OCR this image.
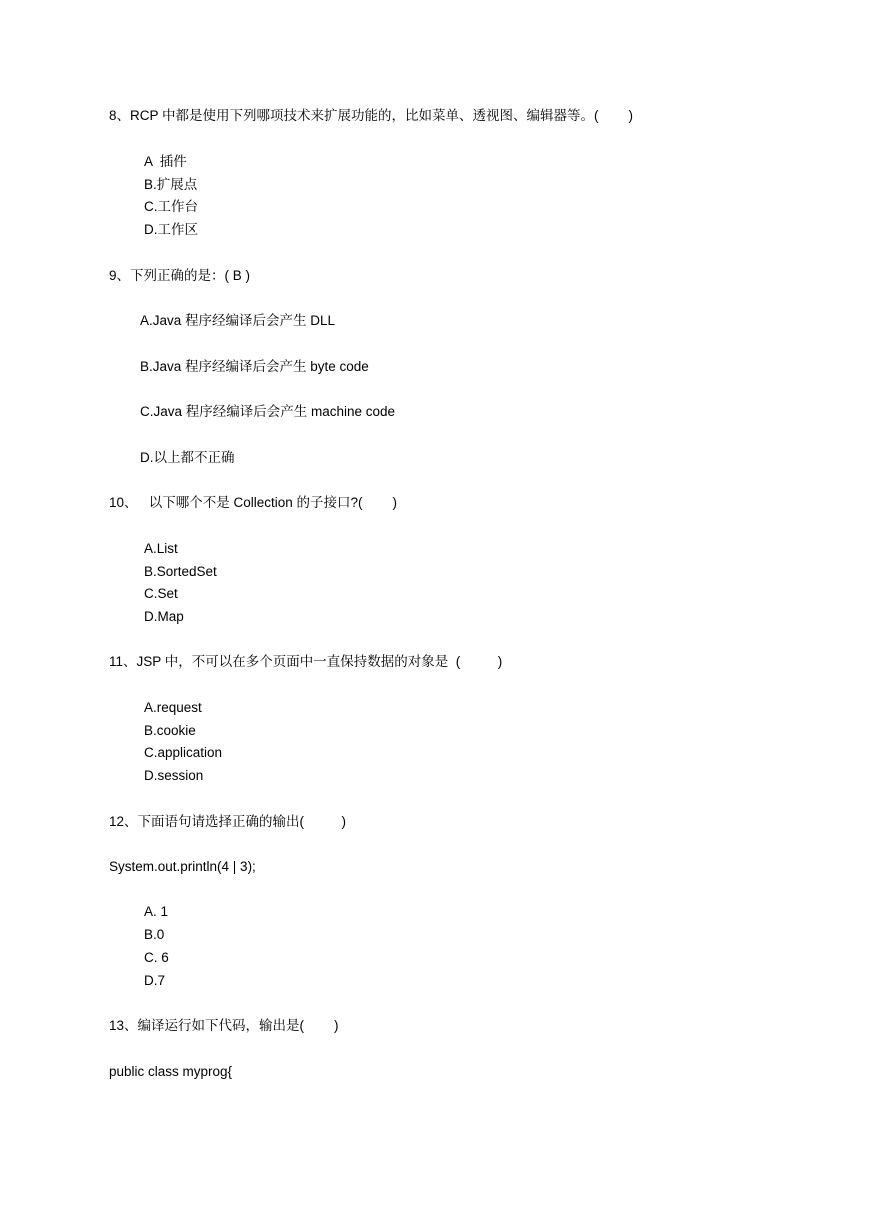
8、RCP 中都是使用下列哪项技术来扩展功能的，比如菜单、透视图、编辑器等。(        )
A  插件
B.扩展点
C.工作台
D.工作区
9、下列正确的是：( B )
A.Java 程序经编译后会产生 DLL
B.Java 程序经编译后会产生 byte code
C.Java 程序经编译后会产生 machine code
D.以上都不正确
10、   以下哪个不是 Collection 的子接口?(        )
A.List
B.SortedSet
C.Set
D.Map
11、JSP 中，不可以在多个页面中一直保持数据的对象是  (          )
A.request
B.cookie
C.application
D.session
12、下面语句请选择正确的输出(          )
System.out.println(4 | 3);
A. 1
B.0
C. 6
D.7
13、编译运行如下代码，输出是(        )
public class myprog{
